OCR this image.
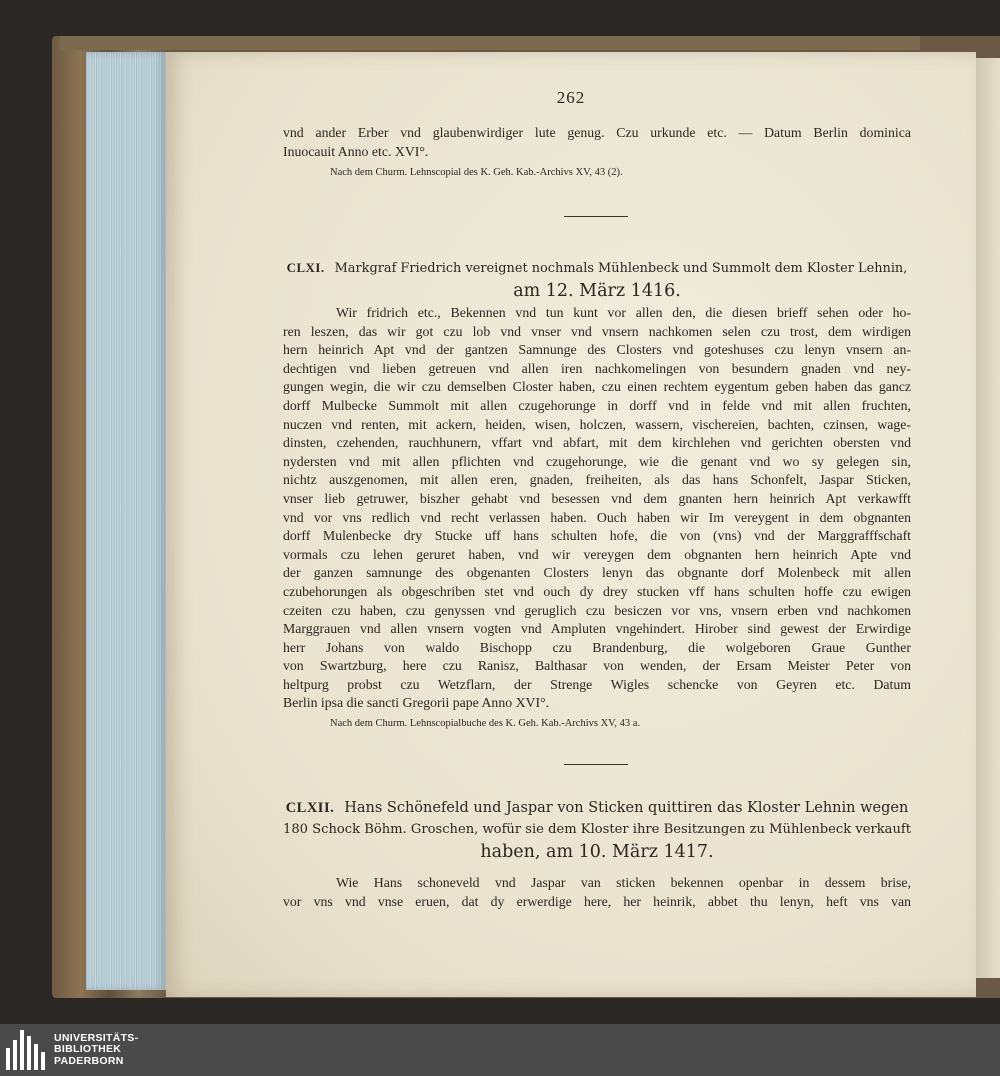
262
vnd ander Erber vnd glaubenwirdiger lute genug. Czu urkunde etc. — Datum Berlin dominica
Inuocauit Anno etc. XVI°.
Nach dem Churm. Lehnscopial des K. Geh. Kab.-Archivs XV, 43 (2).
CLXI. Markgraf Friedrich vereignet nochmals Mühlenbeck und Summolt dem Kloster Lehnin,
am 12. März 1416.
Wir fridrich etc., Bekennen vnd tun kunt vor allen den, die diesen brieff sehen oder ho-
ren leszen, das wir got czu lob vnd vnser vnd vnsern nachkomen selen czu trost, dem wirdigen
hern heinrich Apt vnd der gantzen Samnunge des Closters vnd goteshuses czu lenyn vnsern an-
dechtigen vnd lieben getreuen vnd allen iren nachkomelingen von besundern gnaden vnd ney-
gungen wegin, die wir czu demselben Closter haben, czu einen rechtem eygentum geben haben das gancz
dorff Mulbecke Summolt mit allen czugehorunge in dorff vnd in felde vnd mit allen fruchten,
nuczen vnd renten, mit ackern, heiden, wisen, holczen, wassern, vischereien, bachten, czinsen, wage-
dinsten, czehenden, rauchhunern, vffart vnd abfart, mit dem kirchlehen vnd gerichten obersten vnd
nydersten vnd mit allen pflichten vnd czugehorunge, wie die genant vnd wo sy gelegen sin,
nichtz auszgenomen, mit allen eren, gnaden, freiheiten, als das hans Schonfelt, Jaspar Sticken,
vnser lieb getruwer, biszher gehabt vnd besessen vnd dem gnanten hern heinrich Apt verkawfft
vnd vor vns redlich vnd recht verlassen haben. Ouch haben wir Im vereygent in dem obgnanten
dorff Mulenbecke dry Stucke uff hans schulten hofe, die von (vns) vnd der Marggrafffschaft
vormals czu lehen geruret haben, vnd wir vereygen dem obgnanten hern heinrich Apte vnd
der ganzen samnunge des obgenanten Closters lenyn das obgnante dorf Molenbeck mit allen
czubehorungen als obgeschriben stet vnd ouch dy drey stucken vff hans schulten hoffe czu ewigen
czeiten czu haben, czu genyssen vnd geruglich czu besiczen vor vns, vnsern erben vnd nachkomen
Marggrauen vnd allen vnsern vogten vnd Ampluten vngehindert. Hirober sind gewest der Erwirdige
herr Johans von waldo Bischopp czu Brandenburg, die wolgeboren Graue Gunther
von Swartzburg, here czu Ranisz, Balthasar von wenden, der Ersam Meister Peter von
heltpurg probst czu Wetzflarn, der Strenge Wigles schencke von Geyren etc. Datum
Berlin ipsa die sancti Gregorii pape Anno XVI°.
Nach dem Churm. Lehnscopialbuche des K. Geh. Kab.-Archivs XV, 43 a.
CLXII. Hans Schönefeld und Jaspar von Sticken quittiren das Kloster Lehnin wegen
180 Schock Böhm. Groschen, wofür sie dem Kloster ihre Besitzungen zu Mühlenbeck verkauft
haben, am 10. März 1417.
Wie Hans schoneveld vnd Jaspar van sticken bekennen openbar in dessem brise,
vor vns vnd vnse eruen, dat dy erwerdige here, her heinrik, abbet thu lenyn, heft vns van
UNIVERSITÄTS-
BIBLIOTHEK
PADERBORN
